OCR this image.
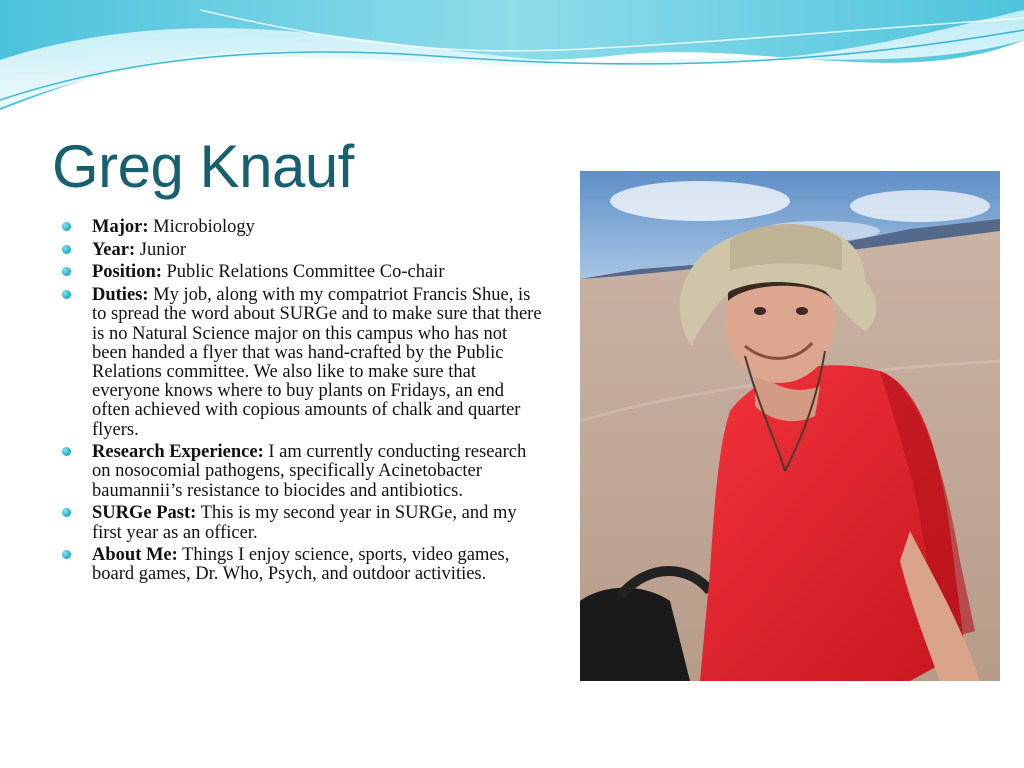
Greg Knauf
Major: Microbiology
Year: Junior
Position: Public Relations Committee Co-chair
Duties: My job, along with my compatriot Francis Shue, is to spread the word about SURGe and to make sure that there is no Natural Science major on this campus who has not been handed a flyer that was hand-crafted by the Public Relations committee. We also like to make sure that everyone knows where to buy plants on Fridays, an end often achieved with copious amounts of chalk and quarter flyers.
Research Experience: I am currently conducting research on nosocomial pathogens, specifically Acinetobacter baumannii’s resistance to biocides and antibiotics.
SURGe Past: This is my second year in SURGe, and my first year as an officer.
About Me: Things I enjoy science, sports, video games, board games, Dr. Who, Psych, and outdoor activities.
